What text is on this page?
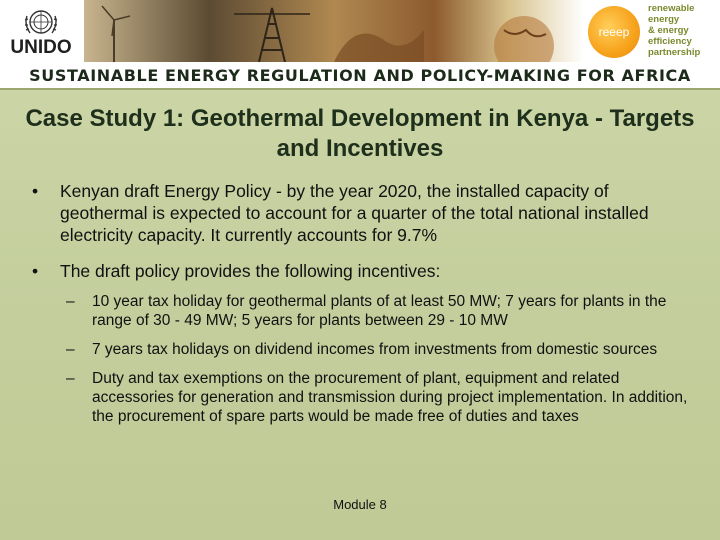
UNIDO
reeep
renewable
energy
& energy
efficiency
partnership
SUSTAINABLE ENERGY REGULATION AND POLICY-MAKING FOR AFRICA
Case Study 1: Geothermal Development in Kenya - Targets and Incentives
• Kenyan draft Energy Policy - by the year 2020, the installed capacity of geothermal is expected to account for a quarter of the total national installed electricity capacity. It currently accounts for 9.7%
• The draft policy provides the following incentives:
– 10 year tax holiday for geothermal plants of at least 50 MW; 7 years for plants in the range of 30 - 49 MW; 5 years for plants between 29 - 10 MW
– 7 years tax holidays on dividend incomes from investments from domestic sources
– Duty and tax exemptions on the procurement of plant, equipment and related accessories for generation and transmission during project implementation. In addition, the procurement of spare parts would be made free of duties and taxes
Module 8
